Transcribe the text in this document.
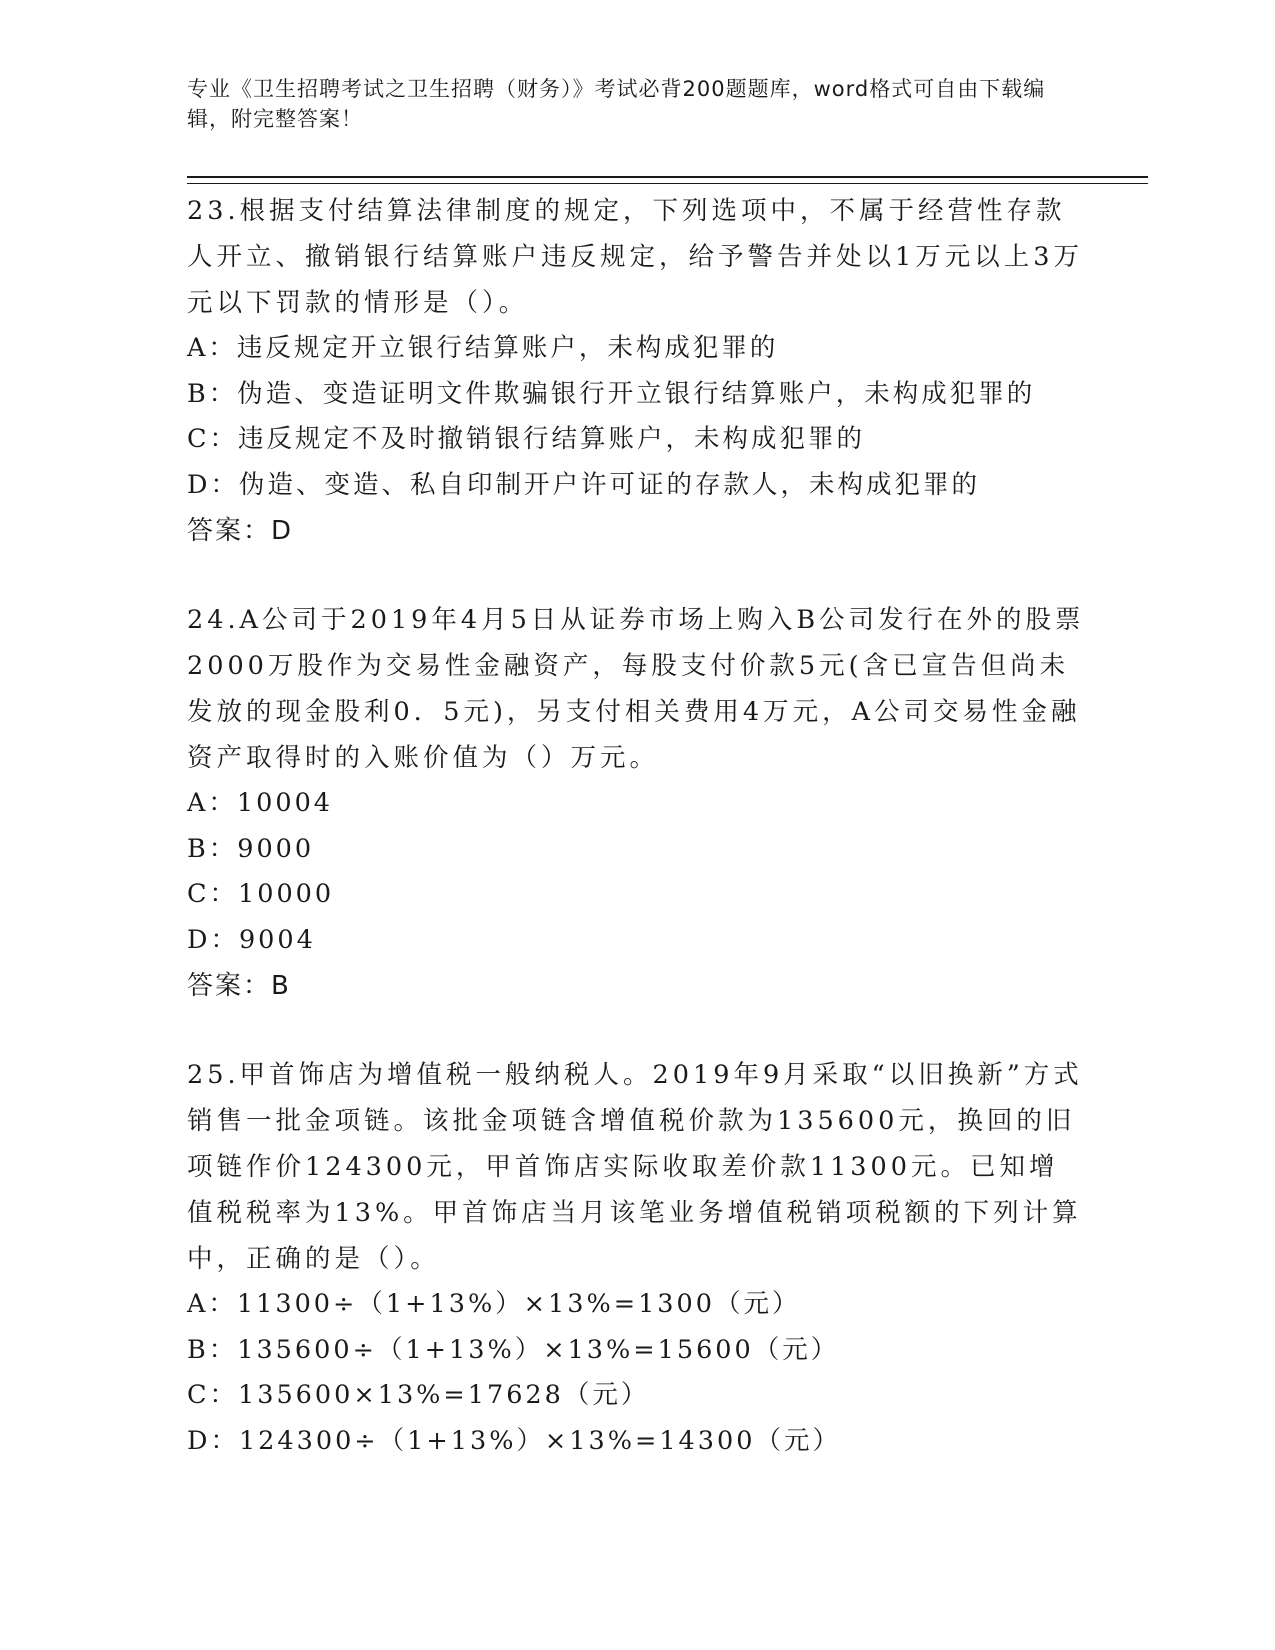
专业《卫生招聘考试之卫生招聘（财务）》考试必背200题题库，word格式可自由下载编辑，附完整答案！

23.根据支付结算法律制度的规定，下列选项中，不属于经营性存款人开立、撤销银行结算账户违反规定，给予警告并处以1万元以上3万元以下罚款的情形是（）。

A：违反规定开立银行结算账户，未构成犯罪的

B：伪造、变造证明文件欺骗银行开立银行结算账户，未构成犯罪的

C：违反规定不及时撤销银行结算账户，未构成犯罪的

D：伪造、变造、私自印制开户许可证的存款人，未构成犯罪的

答案：D

24.A公司于2019年4月5日从证券市场上购入B公司发行在外的股票2000万股作为交易性金融资产，每股支付价款5元(含已宣告但尚未发放的现金股利0．5元)，另支付相关费用4万元，A公司交易性金融资产取得时的入账价值为（）万元。

A：10004

B：9000

C：10000

D：9004

答案：B

25.甲首饰店为增值税一般纳税人。2019年9月采取“以旧换新”方式销售一批金项链。该批金项链含增值税价款为135600元，换回的旧项链作价124300元，甲首饰店实际收取差价款11300元。已知增值税税率为13%。甲首饰店当月该笔业务增值税销项税额的下列计算中，正确的是（）。

A：11300÷（1+13%）×13%=1300（元）

B：135600÷（1+13%）×13%=15600（元）

C：135600×13%=17628（元）

D：124300÷（1+13%）×13%=14300（元）
